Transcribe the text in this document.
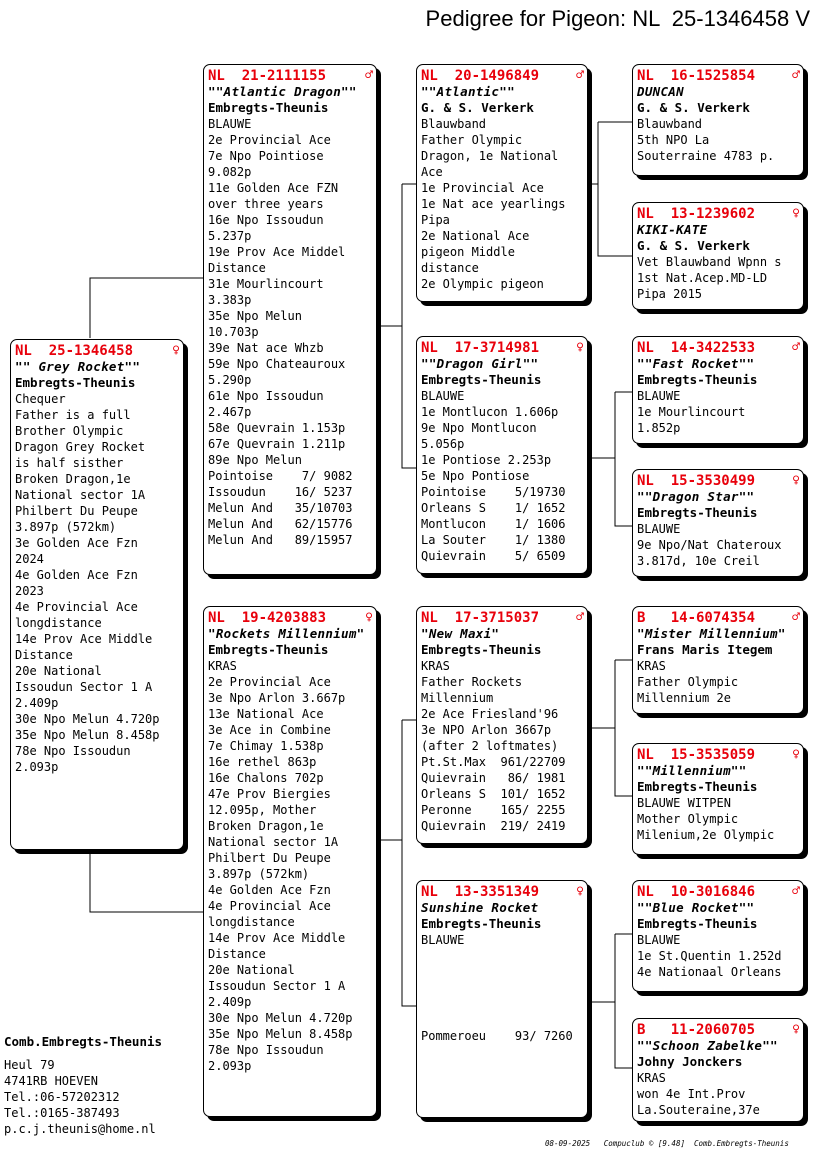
Pedigree for Pigeon: NL  25-1346458 V
NL  25-1346458	♀
"" Grey Rocket""
Embregts-Theunis
Chequer
Father is a full
Brother Olympic
Dragon Grey Rocket
is half sisther
Broken Dragon,1e
National sector 1A
Philbert Du Peupe
3.897p (572km)
3e Golden Ace Fzn
2024
4e Golden Ace Fzn
2023
4e Provincial Ace
longdistance
14e Prov Ace Middle
Distance
20e National
Issoudun Sector 1 A
2.409p
30e Npo Melun 4.720p
35e Npo Melun 8.458p
78e Npo Issoudun
2.093p
NL  21-2111155	♂
""Atlantic Dragon""
Embregts-Theunis
BLAUWE
2e Provincial Ace
7e Npo Pointiose
9.082p
11e Golden Ace FZN
over three years
16e Npo Issoudun
5.237p
19e Prov Ace Middel
Distance
31e Mourlincourt
3.383p
35e Npo Melun
10.703p
39e Nat ace Whzb
59e Npo Chateauroux
5.290p
61e Npo Issoudun
2.467p
58e Quevrain 1.153p
67e Quevrain 1.211p
89e Npo Melun
Pointoise    7/ 9082
Issoudun    16/ 5237
Melun And   35/10703
Melun And   62/15776
Melun And   89/15957
NL  19-4203883	♀
"Rockets Millennium"
Embregts-Theunis
KRAS
2e Provincial Ace
3e Npo Arlon 3.667p
13e National Ace
3e Ace in Combine
7e Chimay 1.538p
16e rethel 863p
16e Chalons 702p
47e Prov Biergies
12.095p, Mother
Broken Dragon,1e
National sector 1A
Philbert Du Peupe
3.897p (572km)
4e Golden Ace Fzn
4e Provincial Ace
longdistance
14e Prov Ace Middle
Distance
20e National
Issoudun Sector 1 A
2.409p
30e Npo Melun 4.720p
35e Npo Melun 8.458p
78e Npo Issoudun
2.093p
NL  20-1496849	♂
""Atlantic""
G. & S. Verkerk
Blauwband
Father Olympic
Dragon, 1e National
Ace
1e Provincial Ace
1e Nat ace yearlings
Pipa
2e National Ace
pigeon Middle
distance
2e Olympic pigeon
NL  17-3714981	♀
""Dragon Girl""
Embregts-Theunis
BLAUWE
1e Montlucon 1.606p
9e Npo Montlucon
5.056p
1e Pontiose 2.253p
5e Npo Pontiose
Pointoise    5/19730
Orleans S    1/ 1652
Montlucon    1/ 1606
La Souter    1/ 1380
Quievrain    5/ 6509
NL  17-3715037	♂
"New Maxi"
Embregts-Theunis
KRAS
Father Rockets
Millennium
2e Ace Friesland'96
3e NPO Arlon 3667p
(after 2 loftmates)
Pt.St.Max  961/22709
Quievrain   86/ 1981
Orleans S  101/ 1652
Peronne    165/ 2255
Quievrain  219/ 2419
NL  13-3351349	♀
Sunshine Rocket
Embregts-Theunis
BLAUWE

Pommeroeu    93/ 7260
NL  16-1525854	♂
DUNCAN
G. & S. Verkerk
Blauwband
5th NPO La
Souterraine 4783 p.
NL  13-1239602	♀
KIKI-KATE
G. & S. Verkerk
Vet Blauwband Wpnn s
1st Nat.Acep.MD-LD
Pipa 2015
NL  14-3422533	♂
""Fast Rocket""
Embregts-Theunis
BLAUWE
1e Mourlincourt
1.852p
NL  15-3530499	♀
""Dragon Star""
Embregts-Theunis
BLAUWE
9e Npo/Nat Chateroux
3.817d, 10e Creil
B   14-6074354	♂
"Mister Millennium"
Frans Maris Itegem
KRAS
Father Olympic
Millennium 2e
NL  15-3535059	♀
""Millennium""
Embregts-Theunis
BLAUWE WITPEN
Mother Olympic
Milenium,2e Olympic
NL  10-3016846	♂
""Blue Rocket""
Embregts-Theunis
BLAUWE
1e St.Quentin 1.252d
4e Nationaal Orleans
B   11-2060705	♀
""Schoon Zabelke""
Johny Jonckers
KRAS
won 4e Int.Prov
La.Souteraine,37e
Comb.Embregts-Theunis
Heul 79
4741RB HOEVEN
Tel.:06-57202312
Tel.:0165-387493
p.c.j.theunis@home.nl
08-09-2025   Compuclub © [9.48]  Comb.Embregts-Theunis
